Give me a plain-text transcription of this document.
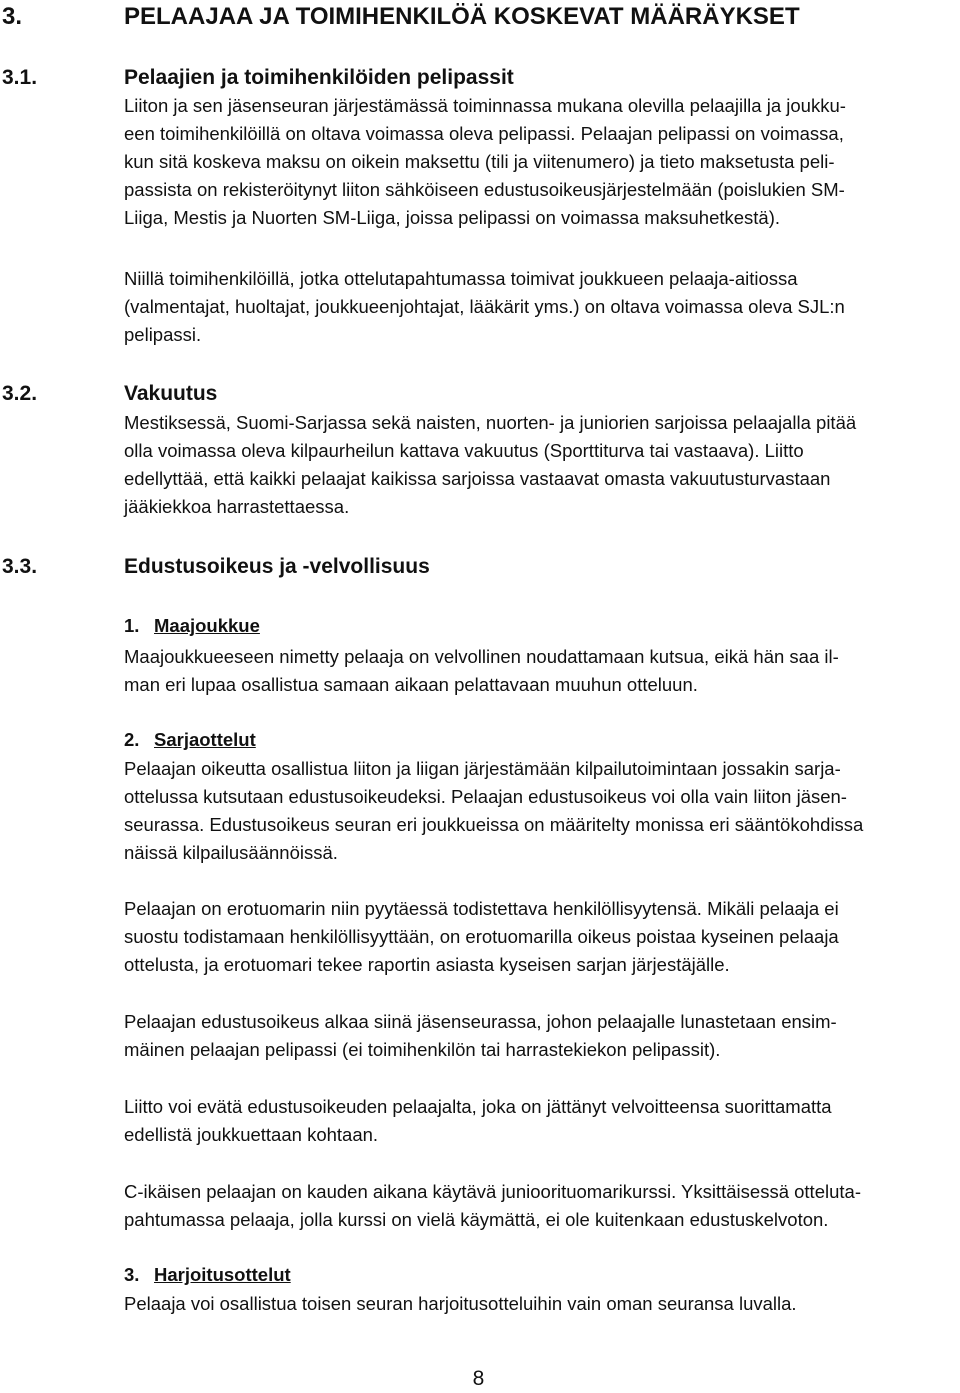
3.	PELAAJAA JA TOIMIHENKILÖÄ KOSKEVAT MÄÄRÄYKSET
3.1.	Pelaajien ja toimihenkilöiden pelipassit
Liiton ja sen jäsenseuran järjestämässä toiminnassa mukana olevilla pelaajilla ja joukku-
een toimihenkilöillä on oltava voimassa oleva pelipassi. Pelaajan pelipassi on voimassa,
kun sitä koskeva maksu on oikein maksettu (tili ja viitenumero) ja tieto maksetusta peli-
passista on rekisteröitynyt liiton sähköiseen edustusoikeusjärjestelmään (poislukien SM-
Liiga, Mestis ja Nuorten SM-Liiga, joissa pelipassi on voimassa maksuhetkestä).
Niillä toimihenkilöillä, jotka ottelutapahtumassa toimivat joukkueen pelaaja-aitiossa
(valmentajat, huoltajat, joukkueenjohtajat, lääkärit yms.) on oltava voimassa oleva SJL:n
pelipassi.
3.2.	Vakuutus
Mestiksessä, Suomi-Sarjassa sekä naisten, nuorten- ja juniorien sarjoissa pelaajalla pitää
olla voimassa oleva kilpaurheilun kattava vakuutus (Sporttiturva tai vastaava). Liitto
edellyttää, että kaikki pelaajat kaikissa sarjoissa vastaavat omasta vakuutusturvastaan
jääkiekkoa harrastettaessa.
3.3.	Edustusoikeus ja -velvollisuus
1. Maajoukkue
Maajoukkueeseen nimetty pelaaja on velvollinen noudattamaan kutsua, eikä hän saa il-
man eri lupaa osallistua samaan aikaan pelattavaan muuhun otteluun.
2. Sarjaottelut
Pelaajan oikeutta osallistua liiton ja liigan järjestämään kilpailutoimintaan jossakin sarja-
ottelussa kutsutaan edustusoikeudeksi. Pelaajan edustusoikeus voi olla vain liiton jäsen-
seurassa. Edustusoikeus seuran eri joukkueissa on määritelty monissa eri sääntökohdissa
näissä kilpailusäännöissä.
Pelaajan on erotuomarin niin pyytäessä todistettava henkilöllisyytensä. Mikäli pelaaja ei
suostu todistamaan henkilöllisyyttään, on erotuomarilla oikeus poistaa kyseinen pelaaja
ottelusta, ja erotuomari tekee raportin asiasta kyseisen sarjan järjestäjälle.
Pelaajan edustusoikeus alkaa siinä jäsenseurassa, johon pelaajalle lunastetaan ensim-
mäinen pelaajan pelipassi (ei toimihenkilön tai harrastekiekon pelipassit).
Liitto voi evätä edustusoikeuden pelaajalta, joka on jättänyt velvoitteensa suorittamatta
edellistä joukkuettaan kohtaan.
C-ikäisen pelaajan on kauden aikana käytävä junioorituomarikurssi. Yksittäisessä otteluta-
pahtumassa pelaaja, jolla kurssi on vielä käymättä, ei ole kuitenkaan edustuskelvoton.
3. Harjoitusottelut
Pelaaja voi osallistua toisen seuran harjoitusotteluihin vain oman seuransa luvalla.
8
